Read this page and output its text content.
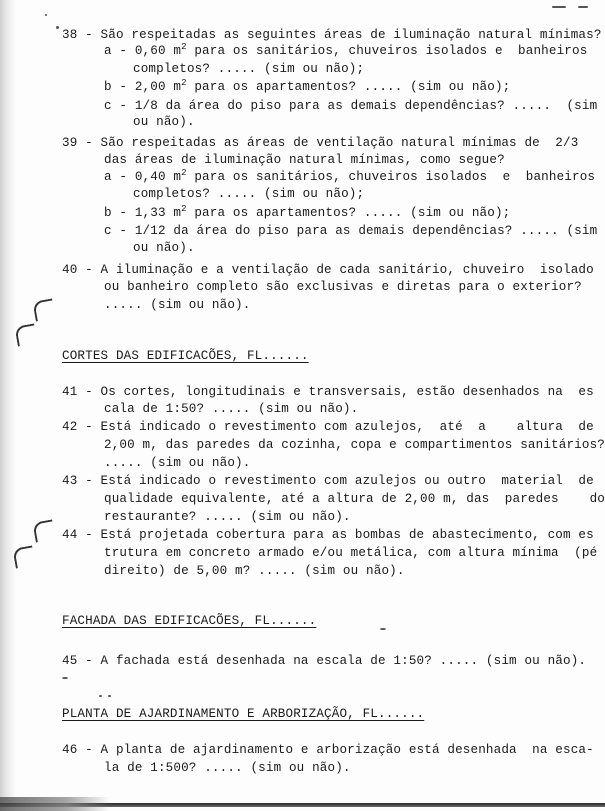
38 - São respeitadas as seguintes áreas de iluminação natural mínimas?
a - 0,60 $m^2$ para os sanitários, chuveiros isolados e  banheiros
completos? ..... (sim ou não);
b - 2,00 $m^2$ para os apartamentos? ..... (sim ou não);
c - 1/8 da área do piso para as demais dependências? .....  (sim
ou não).
39 - São respeitadas as áreas de ventilação natural mínimas de  2/3
das áreas de iluminação natural mínimas, como segue?
a - 0,40 $m^2$ para os sanitários, chuveiros isolados  e  banheiros
completos? ..... (sim ou não);
b - 1,33 $m^2$ para os apartamentos? ..... (sim ou não);
c - 1/12 da área do piso para as demais dependências? ..... (sim
ou não).
40 - A iluminação e a ventilação de cada sanitário, chuveiro  isolado
ou banheiro completo são exclusivas e diretas para o exterior?
..... (sim ou não).
CORTES DAS EDIFICACÕES, FL......
41 - Os cortes, longitudinais e transversais, estão desenhados na  es
cala de 1:50? ..... (sim ou não).
42 - Está indicado o revestimento com azulejos,  até  a    altura  de
2,00 m, das paredes da cozinha, copa e compartimentos sanitários?
..... (sim ou não).
43 - Está indicado o revestimento com azulejos ou outro  material  de
qualidade equivalente, até a altura de 2,00 m, das  paredes    do
restaurante? ..... (sim ou não).
44 - Está projetada cobertura para as bombas de abastecimento, com es
trutura em concreto armado e/ou metálica, com altura mínima  (pé
direito) de 5,00 m? ..... (sim ou não).
FACHADA DAS EDIFICACÕES, FL......
45 - A fachada está desenhada na escala de 1:50? ..... (sim ou não).
PLANTA DE AJARDINAMENTO E ARBORIZAÇÃO, FL......
46 - A planta de ajardinamento e arborização está desenhada  na esca-
la de 1:500? ..... (sim ou não).
